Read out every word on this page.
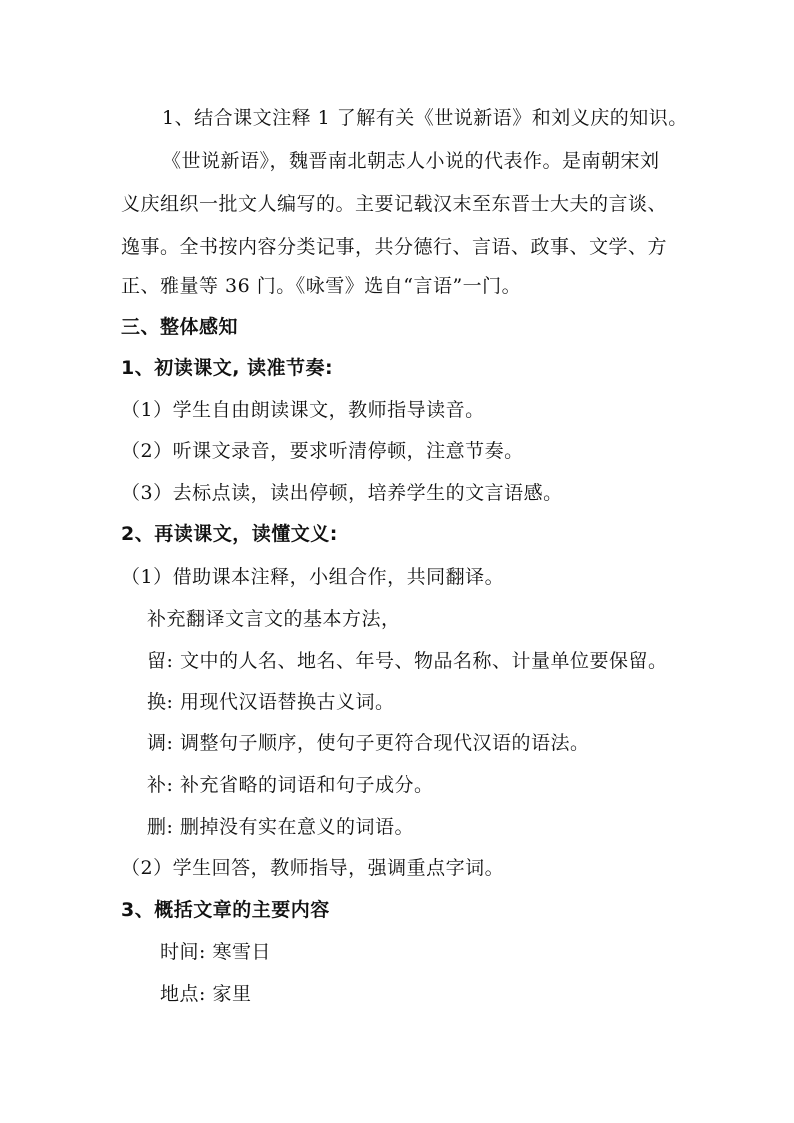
1、结合课文注释 1 了解有关《世说新语》和刘义庆的知识。
《世说新语》，魏晋南北朝志人小说的代表作。是南朝宋刘
义庆组织一批文人编写的。主要记载汉末至东晋士大夫的言谈、
逸事。全书按内容分类记事，共分德行、言语、政事、文学、方
正、雅量等 36 门。《咏雪》选自“言语”一门。
三、整体感知
1、初读课文, 读准节奏:
（1）学生自由朗读课文，教师指导读音。
（2）听课文录音，要求听清停顿，注意节奏。
（3）去标点读，读出停顿，培养学生的文言语感。
2、再读课文，读懂文义:
（1）借助课本注释，小组合作，共同翻译。
补充翻译文言文的基本方法，
留: 文中的人名、地名、年号、物品名称、计量单位要保留。
换: 用现代汉语替换古义词。
调: 调整句子顺序，使句子更符合现代汉语的语法。
补: 补充省略的词语和句子成分。
删: 删掉没有实在意义的词语。
（2）学生回答，教师指导，强调重点字词。
3、概括文章的主要内容
时间: 寒雪日
地点: 家里
